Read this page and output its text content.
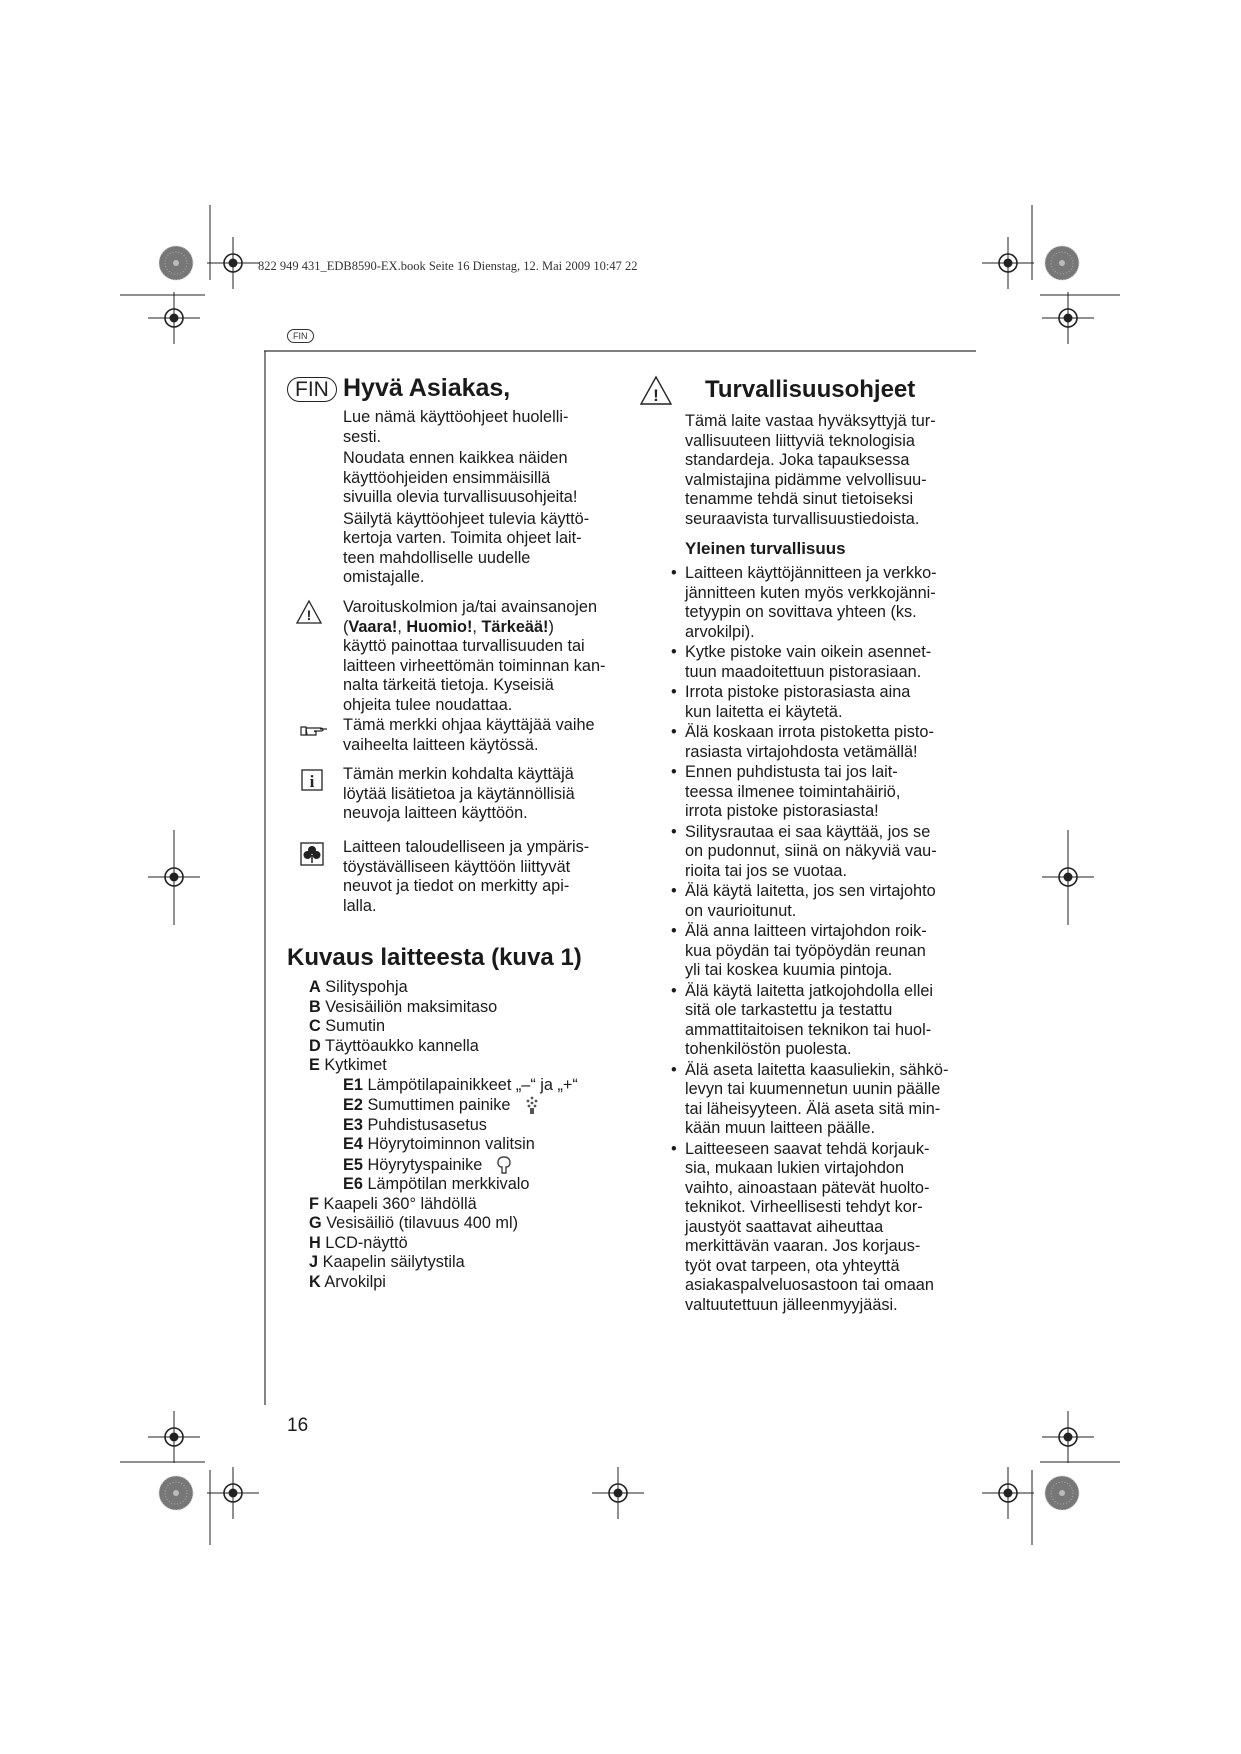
822 949 431_EDB8590-EX.book Seite 16 Dienstag, 12. Mai 2009 10:47 22
FIN
FIN Hyvä Asiakas,
Lue nämä käyttöohjeet huolelli-
sesti.
Noudata ennen kaikkea näiden
käyttöohjeiden ensimmäisillä
sivuilla olevia turvallisuusohjeita!
Säilytä käyttöohjeet tulevia käyttö-
kertoja varten. Toimita ohjeet lait-
teen mahdolliselle uudelle
omistajalle.
! Varoituskolmion ja/tai avainsanojen
(Vaara!, Huomio!, Tärkeää!)
käyttö painottaa turvallisuuden tai
laitteen virheettömän toiminnan kan-
nalta tärkeitä tietoja. Kyseisiä
ohjeita tulee noudattaa.
Tämä merkki ohjaa käyttäjää vaihe
vaiheelta laitteen käytössä.
i Tämän merkin kohdalta käyttäjä
löytää lisätietoa ja käytännöllisiä
neuvoja laitteen käyttöön.
Laitteen taloudelliseen ja ympäris-
töystävälliseen käyttöön liittyvät
neuvot ja tiedot on merkitty api-
lalla.
Kuvaus laitteesta (kuva 1)
A Silityspohja
B Vesisäiliön maksimitaso
C Sumutin
D Täyttöaukko kannella
E Kytkimet
E1 Lämpötilapainikkeet „–“ ja „+“
E2 Sumuttimen painike
E3 Puhdistusasetus
E4 Höyrytoiminnon valitsin
E5 Höyrytyspainike
E6 Lämpötilan merkkivalo
F Kaapeli 360° lähdöllä
G Vesisäiliö (tilavuus 400 ml)
H LCD-näyttö
J Kaapelin säilytystila
K Arvokilpi
! Turvallisuusohjeet
Tämä laite vastaa hyväksyttyjä tur-
vallisuuteen liittyviä teknologisia
standardeja. Joka tapauksessa
valmistajina pidämme velvollisuu-
tenamme tehdä sinut tietoiseksi
seuraavista turvallisuustiedoista.
Yleinen turvallisuus
• Laitteen käyttöjännitteen ja verkko-
jännitteen kuten myös verkkojänni-
tetyypin on sovittava yhteen (ks.
arvokilpi).
• Kytke pistoke vain oikein asennet-
tuun maadoitettuun pistorasiaan.
• Irrota pistoke pistorasiasta aina
kun laitetta ei käytetä.
• Älä koskaan irrota pistoketta pisto-
rasiasta virtajohdosta vetämällä!
• Ennen puhdistusta tai jos lait-
teessa ilmenee toimintahäiriö,
irrota pistoke pistorasiasta!
• Silitysrautaa ei saa käyttää, jos se
on pudonnut, siinä on näkyviä vau-
rioita tai jos se vuotaa.
• Älä käytä laitetta, jos sen virtajohto
on vaurioitunut.
• Älä anna laitteen virtajohdon roik-
kua pöydän tai työpöydän reunan
yli tai koskea kuumia pintoja.
• Älä käytä laitetta jatkojohdolla ellei
sitä ole tarkastettu ja testattu
ammattitaitoisen teknikon tai huol-
tohenkilöstön puolesta.
• Älä aseta laitetta kaasuliekin, sähkö-
levyn tai kuumennetun uunin päälle
tai läheisyyteen. Älä aseta sitä min-
kään muun laitteen päälle.
• Laitteeseen saavat tehdä korjauk-
sia, mukaan lukien virtajohdon
vaihto, ainoastaan pätevät huolto-
teknikot. Virheellisesti tehdyt kor-
jaustyöt saattavat aiheuttaa
merkittävän vaaran. Jos korjaus-
työt ovat tarpeen, ota yhteyttä
asiakaspalveluosastoon tai omaan
valtuutettuun jälleenmyyjääsi.
16
